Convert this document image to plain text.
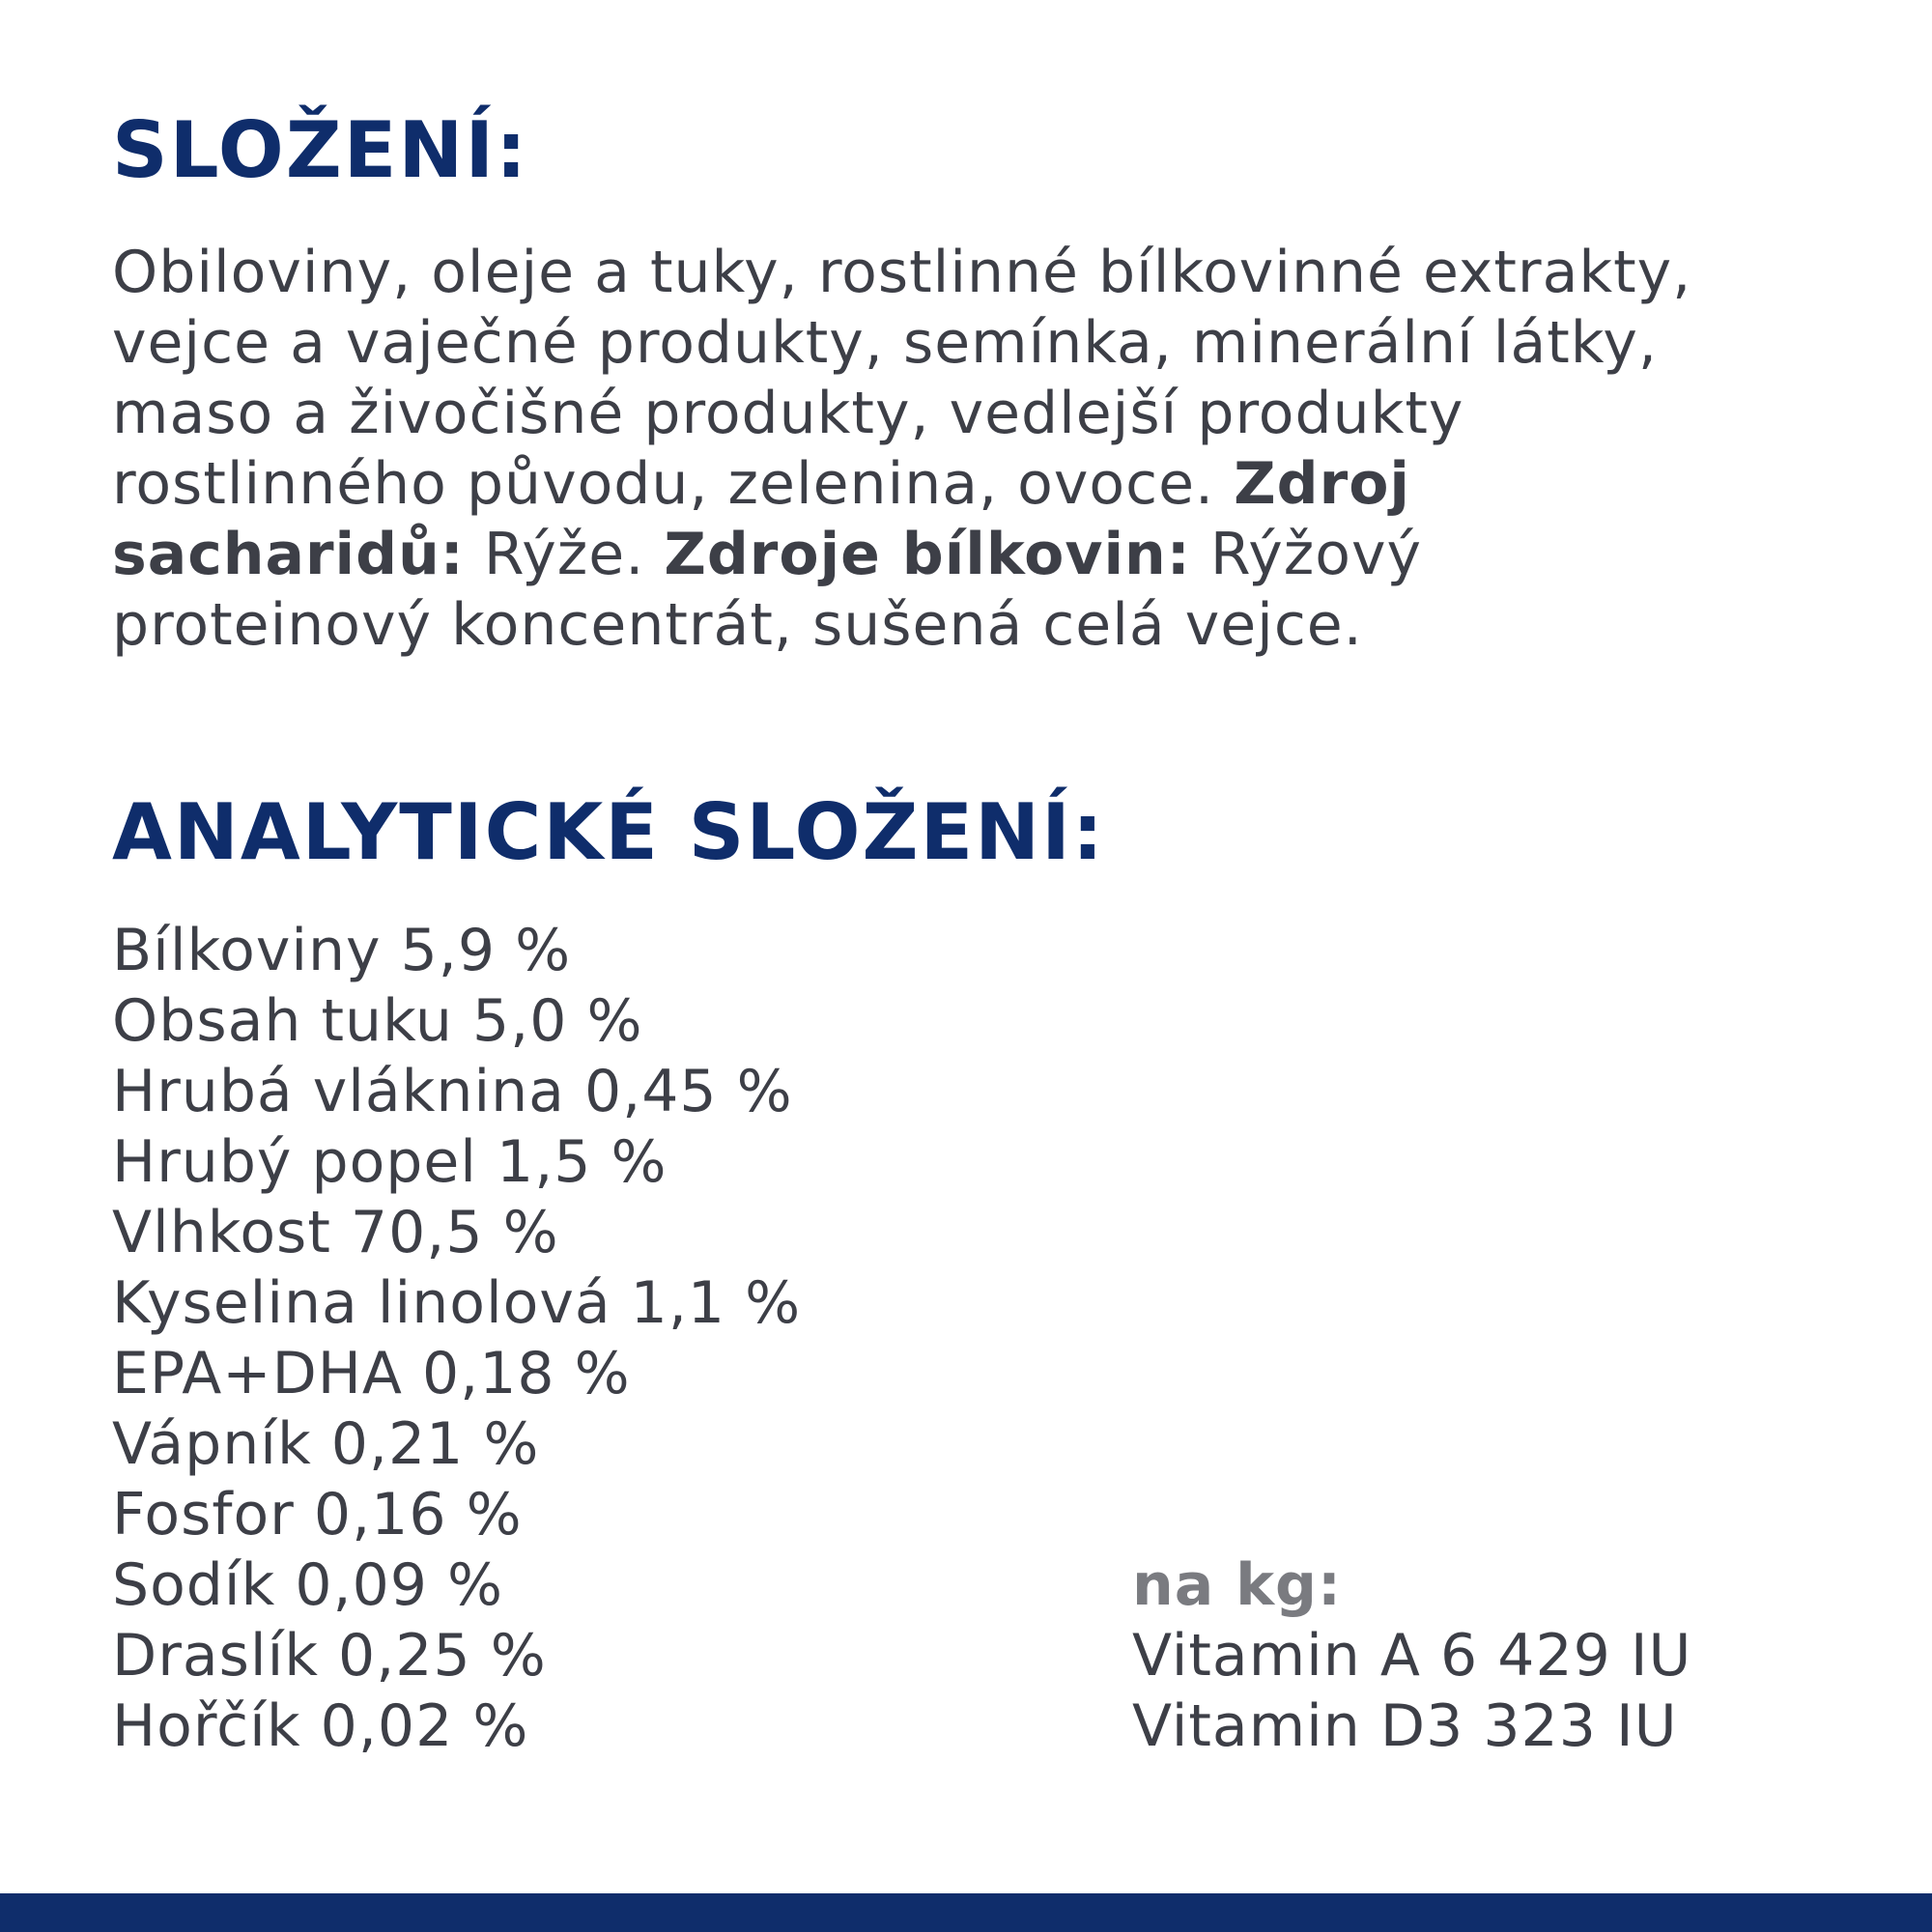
SLOŽENÍ:

Obiloviny, oleje a tuky, rostlinné bílkovinné extrakty,
vejce a vaječné produkty, semínka, minerální látky,
maso a živočišné produkty, vedlejší produkty
rostlinného původu, zelenina, ovoce. Zdroj
sacharidů: Rýže. Zdroje bílkovin: Rýžový
proteinový koncentrát, sušená celá vejce.

ANALYTICKÉ SLOŽENÍ:
Bílkoviny 5,9 %
Obsah tuku 5,0 %
Hrubá vláknina 0,45 %
Hrubý popel 1,5 %
Vlhkost 70,5 %
Kyselina linolová 1,1 %
EPA+DHA 0,18 %
Vápník 0,21 %
Fosfor 0,16 %
Sodík 0,09 %
Draslík 0,25 %
Hořčík 0,02 %
na kg:
Vitamin A 6 429 IU
Vitamin D3 323 IU
